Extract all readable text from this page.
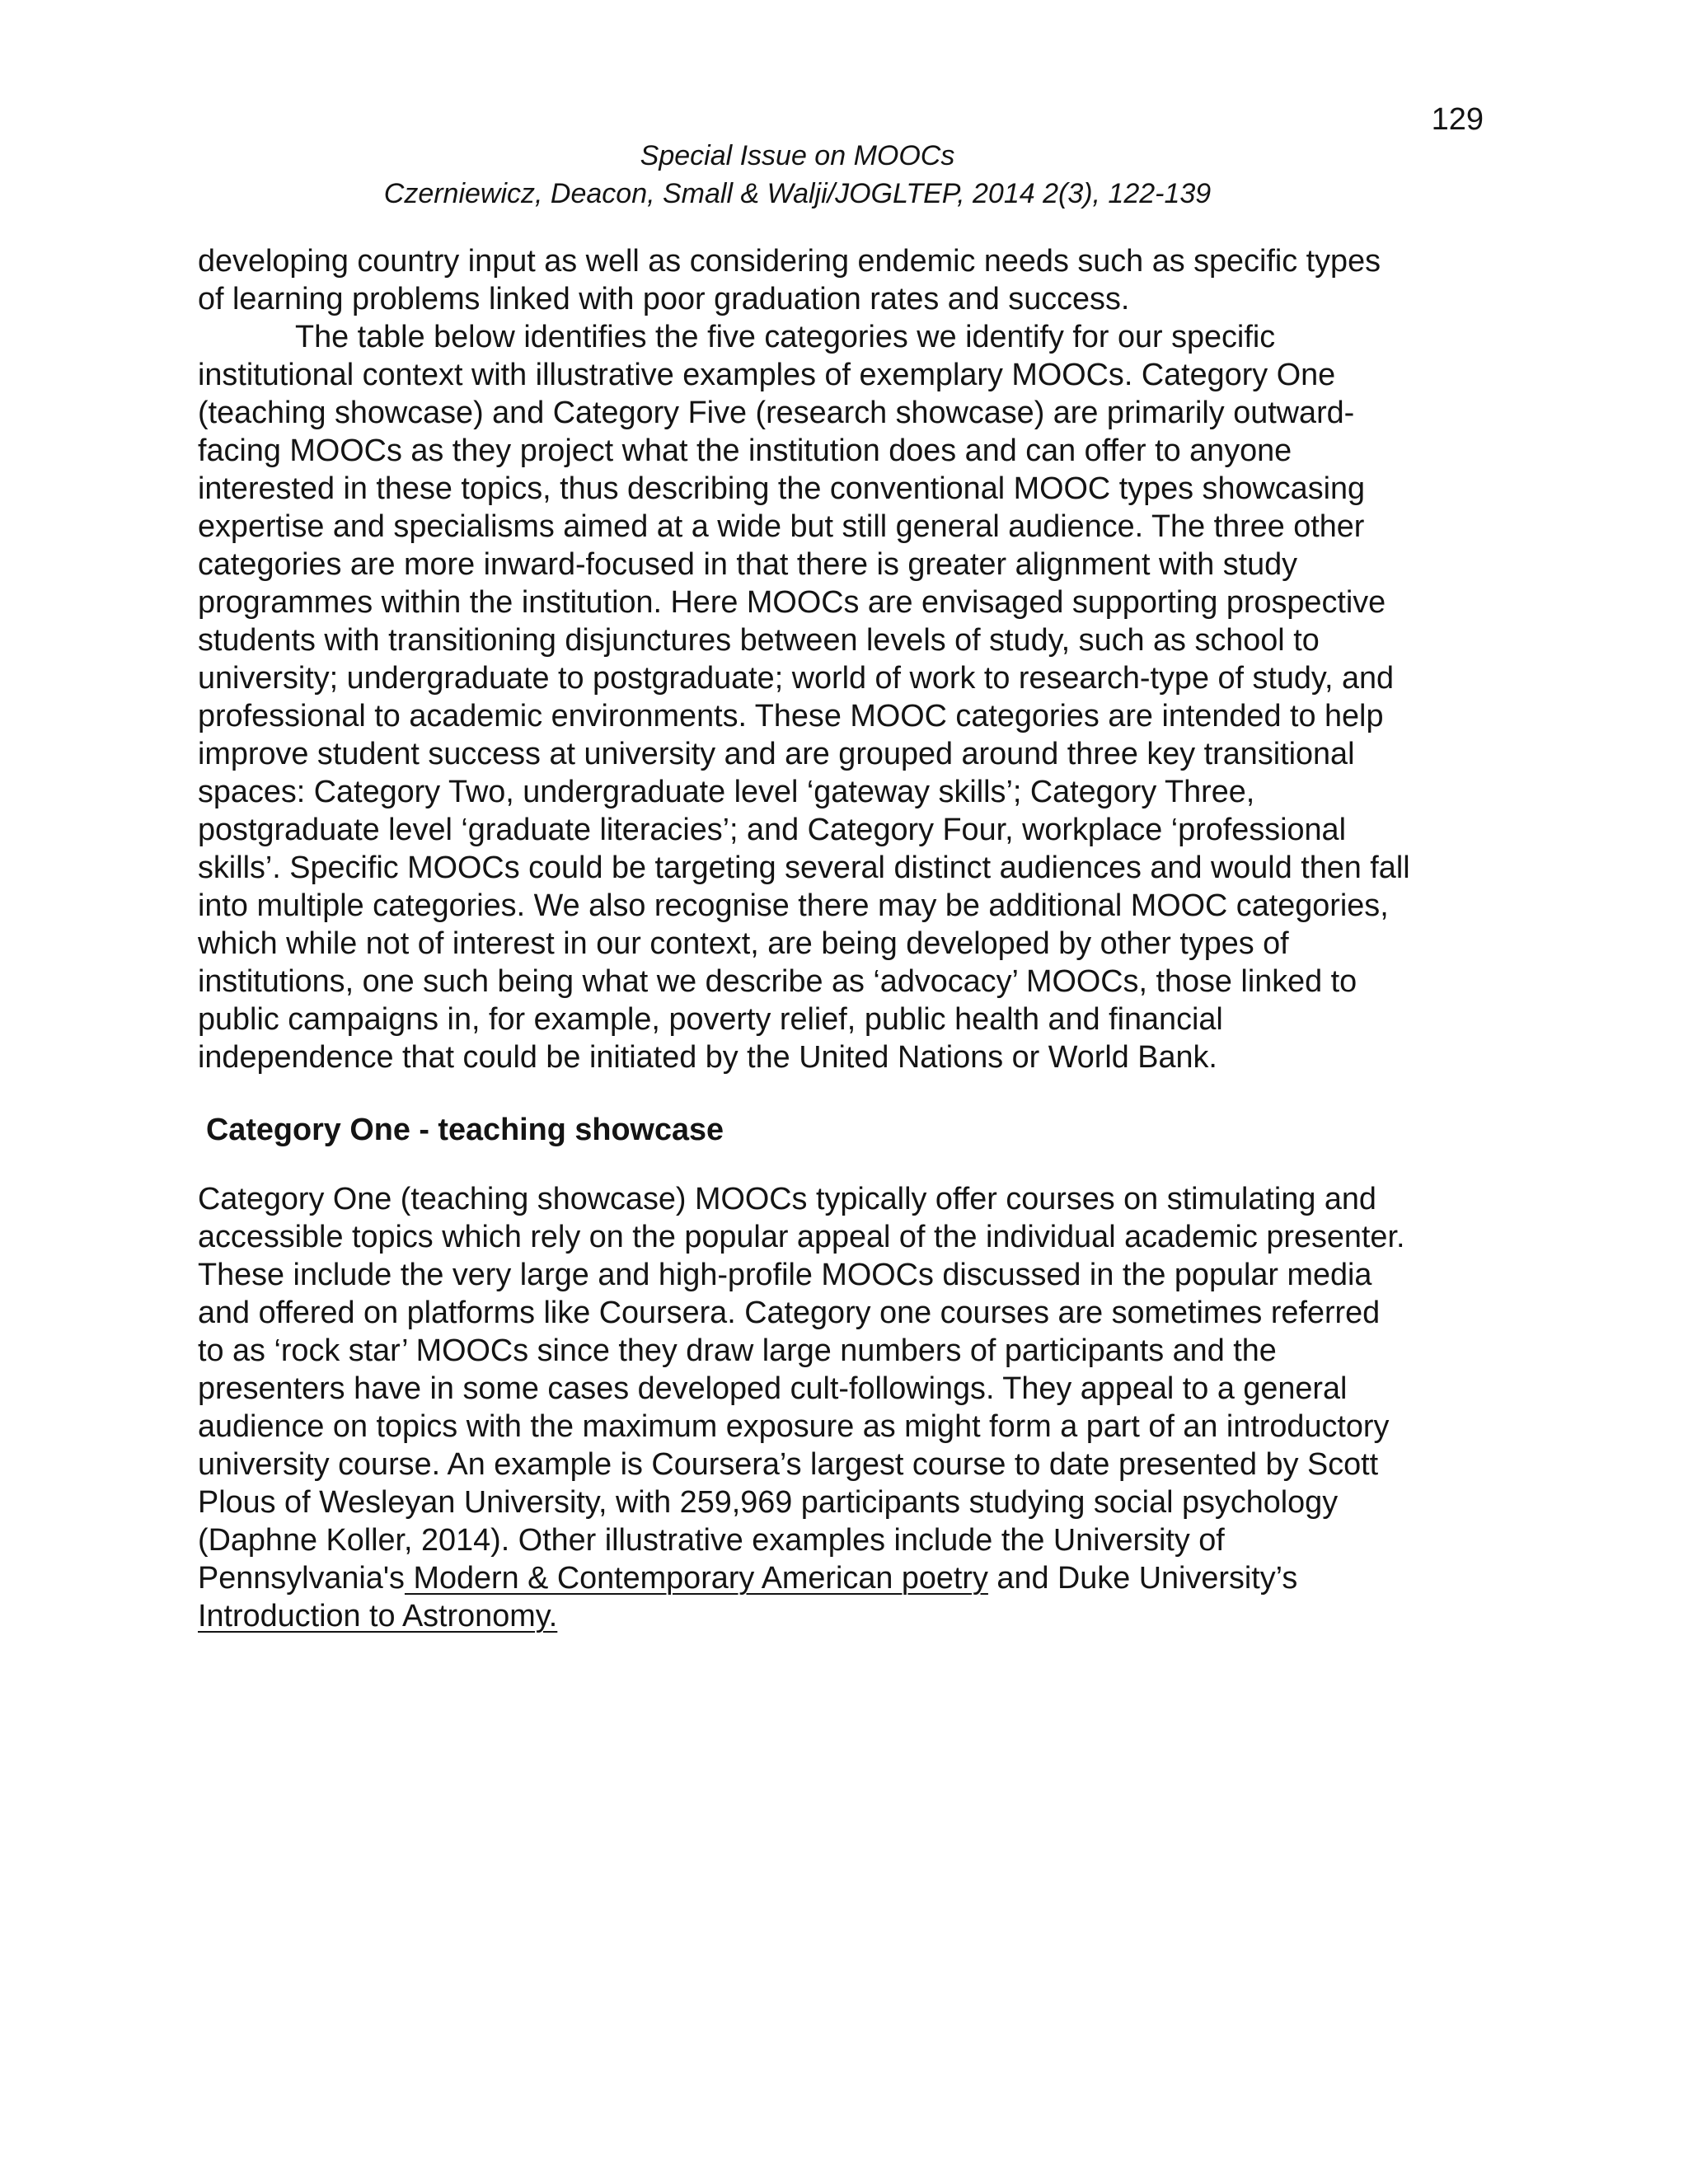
129
Special Issue on MOOCs
Czerniewicz, Deacon, Small & Walji/JOGLTEP, 2014 2(3), 122-139
developing country input as well as considering endemic needs such as specific types
of learning problems linked with poor graduation rates and success.
The table below identifies the five categories we identify for our specific
institutional context with illustrative examples of exemplary MOOCs. Category One
(teaching showcase) and Category Five (research showcase) are primarily outward-
facing MOOCs as they project what the institution does and can offer to anyone
interested in these topics, thus describing the conventional MOOC types showcasing
expertise and specialisms aimed at a wide but still general audience. The three other
categories are more inward-focused in that there is greater alignment with study
programmes within the institution. Here MOOCs are envisaged supporting prospective
students with transitioning disjunctures between levels of study, such as school to
university; undergraduate to postgraduate; world of work to research-type of study, and
professional to academic environments. These MOOC categories are intended to help
improve student success at university and are grouped around three key transitional
spaces: Category Two, undergraduate level ‘gateway skills’; Category Three,
postgraduate level ‘graduate literacies’; and Category Four, workplace ‘professional
skills’. Specific MOOCs could be targeting several distinct audiences and would then fall
into multiple categories. We also recognise there may be additional MOOC categories,
which while not of interest in our context, are being developed by other types of
institutions, one such being what we describe as ‘advocacy’ MOOCs, those linked to
public campaigns in, for example, poverty relief, public health and financial
independence that could be initiated by the United Nations or World Bank.
Category One - teaching showcase
Category One (teaching showcase) MOOCs typically offer courses on stimulating and
accessible topics which rely on the popular appeal of the individual academic presenter.
These include the very large and high-profile MOOCs discussed in the popular media
and offered on platforms like Coursera. Category one courses are sometimes referred
to as ‘rock star’ MOOCs since they draw large numbers of participants and the
presenters have in some cases developed cult-followings. They appeal to a general
audience on topics with the maximum exposure as might form a part of an introductory
university course. An example is Coursera’s largest course to date presented by Scott
Plous of Wesleyan University, with 259,969 participants studying social psychology
(Daphne Koller, 2014). Other illustrative examples include the University of
Pennsylvania's Modern & Contemporary American poetry and Duke University’s
Introduction to Astronomy.
